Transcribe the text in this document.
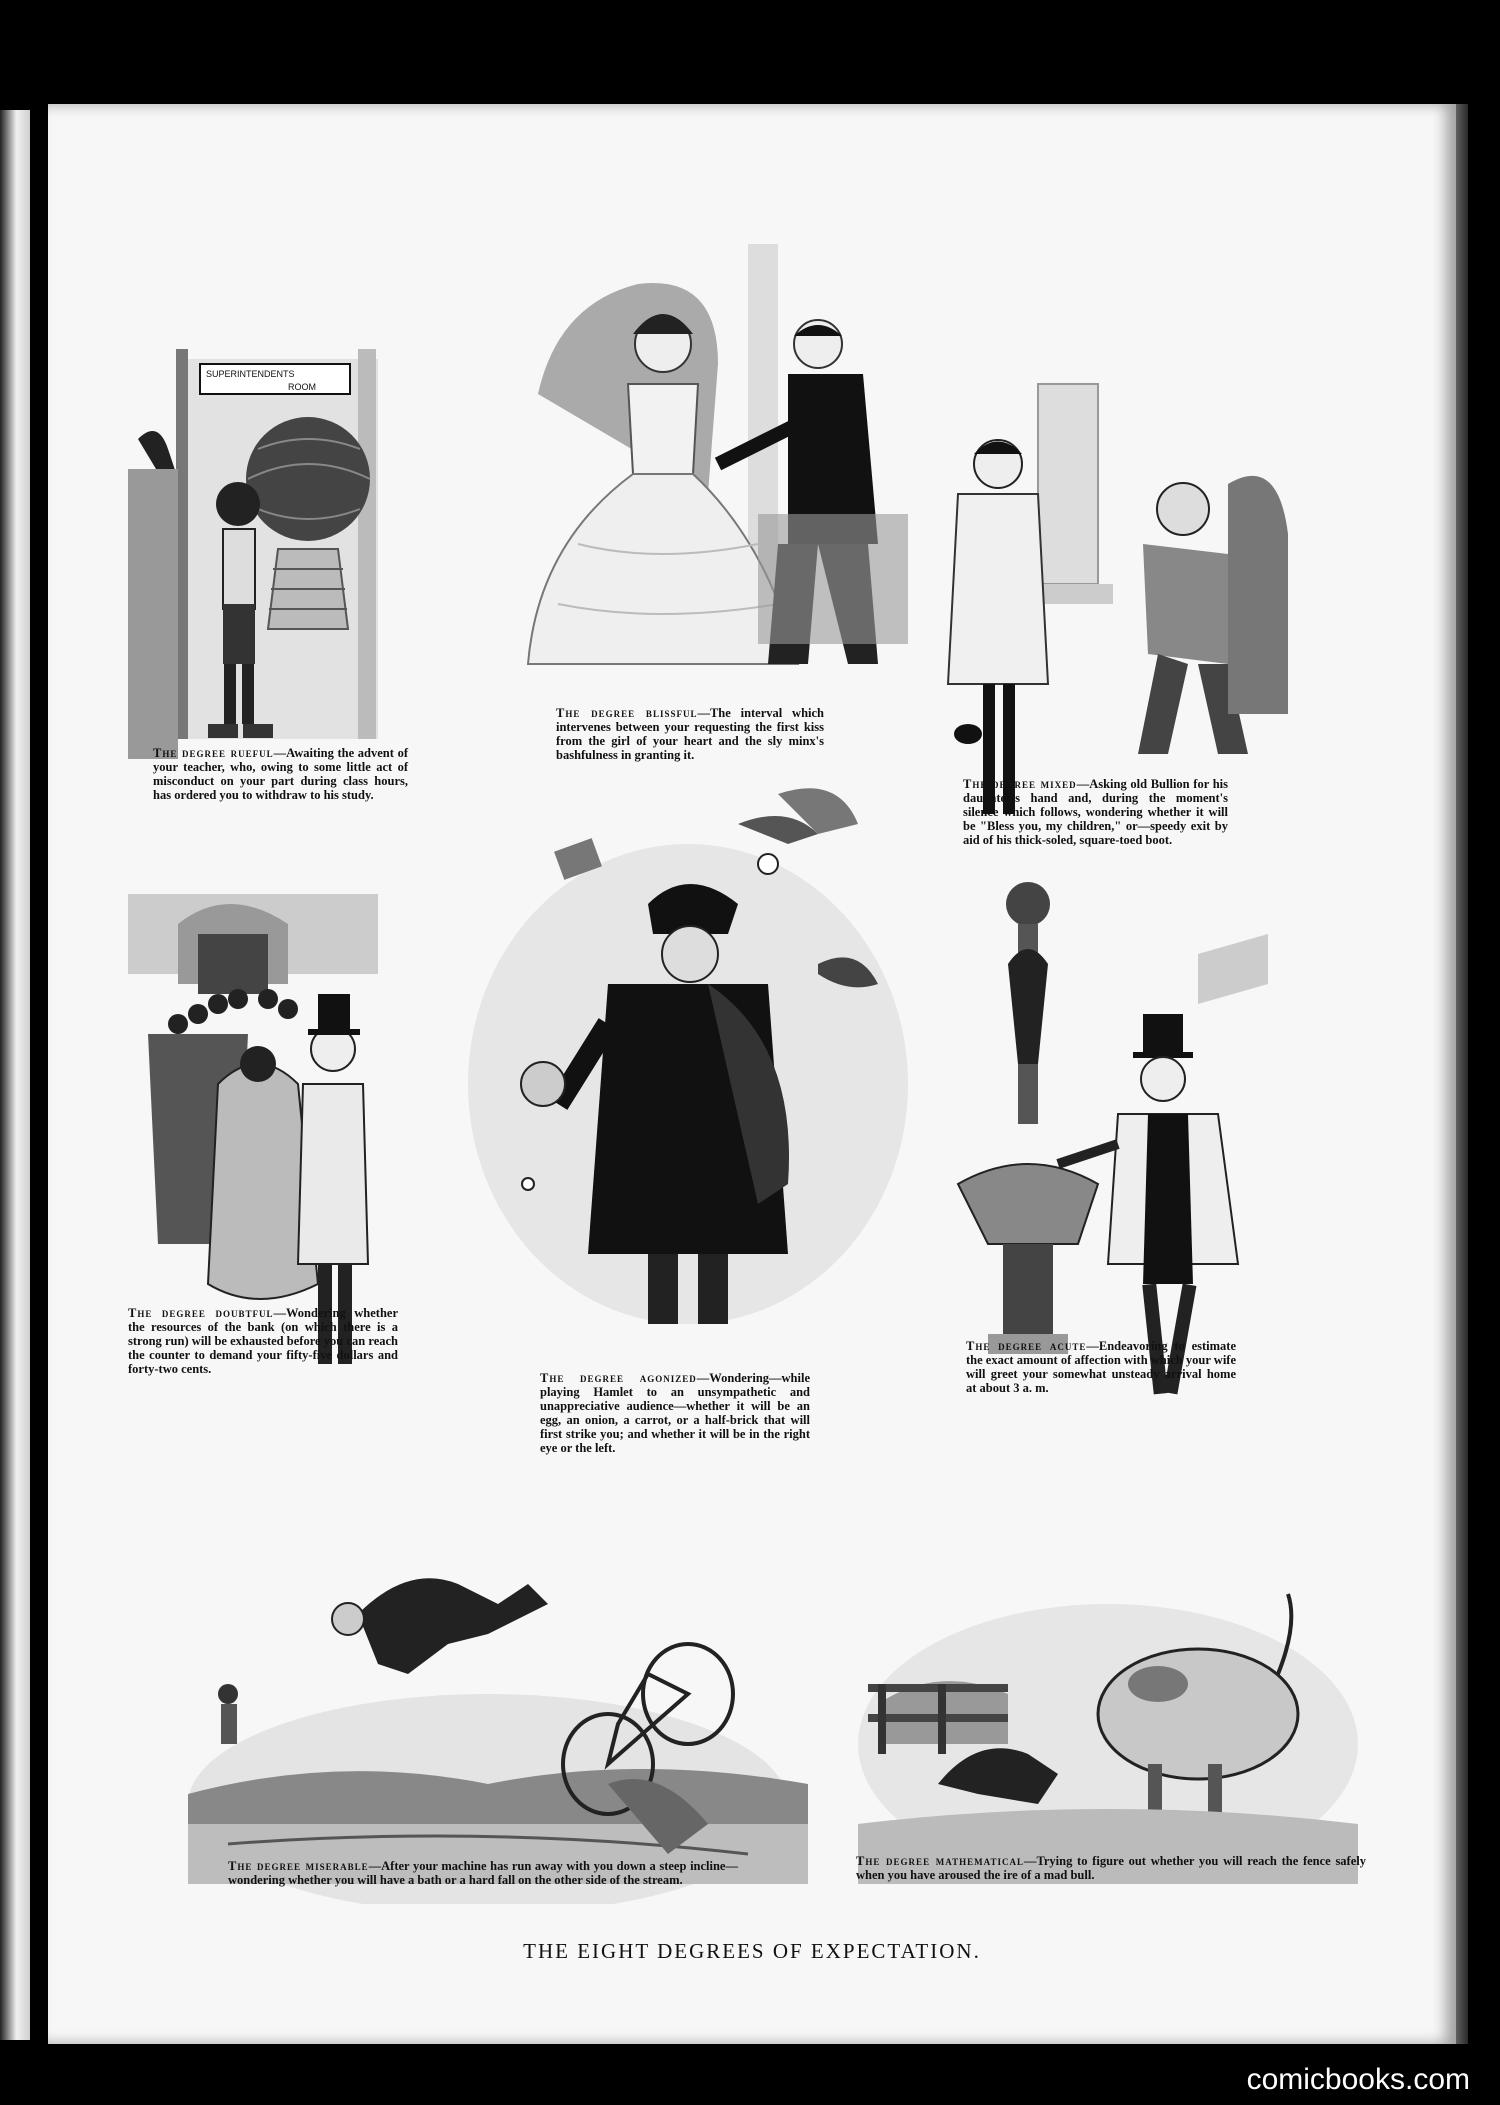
SUPERINTENDENTS
ROOM
The degree rueful—Awaiting the advent of your teacher, who, owing to some little act of misconduct on your part during class hours, has ordered you to withdraw to his study.
The degree blissful—The interval which intervenes between your requesting the first kiss from the girl of your heart and the sly minx's bashfulness in granting it.
The degree mixed—Asking old Bullion for his daughter's hand and, during the moment's silence which follows, wondering whether it will be "Bless you, my children," or—speedy exit by aid of his thick-soled, square-toed boot.
The degree doubtful—Wondering whether the resources of the bank (on which there is a strong run) will be exhausted before you can reach the counter to demand your fifty-five dollars and forty-two cents.
The degree agonized—Wondering—while playing Hamlet to an unsympathetic and unappreciative audience—whether it will be an egg, an onion, a carrot, or a half-brick that will first strike you; and whether it will be in the right eye or the left.
The degree acute—Endeavoring to estimate the exact amount of affection with which your wife will greet your somewhat unsteady arrival home at about 3 a. m.
The degree miserable—After your machine has run away with you down a steep incline—wondering whether you will have a bath or a hard fall on the other side of the stream.
The degree mathematical—Trying to figure out whether you will reach the fence safely when you have aroused the ire of a mad bull.
THE EIGHT DEGREES OF EXPECTATION.
comicbooks.com
